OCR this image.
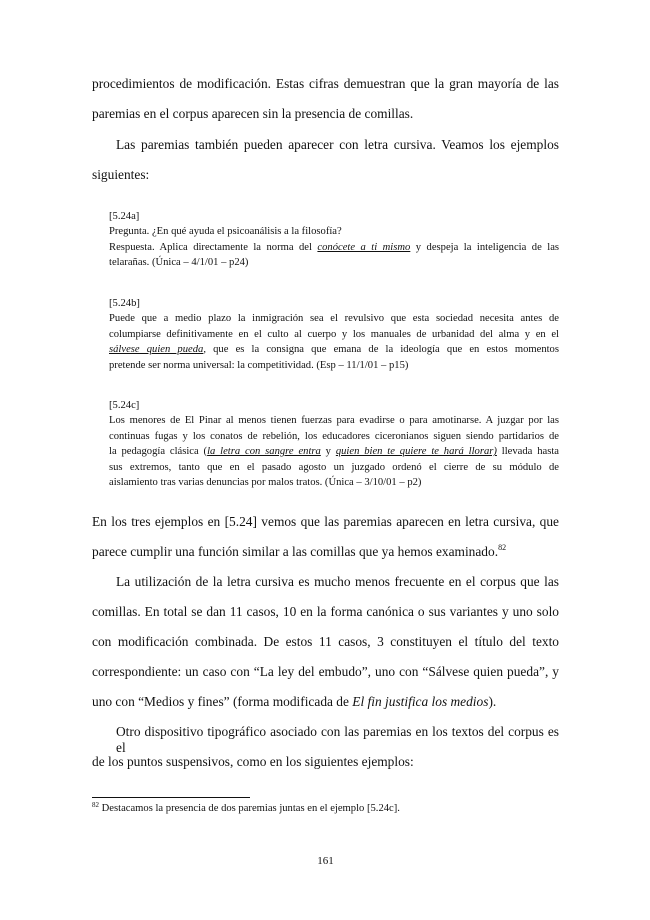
procedimientos de modificación. Estas cifras demuestran que la gran mayoría de las
paremias en el corpus aparecen sin la presencia de comillas.
Las paremias también pueden aparecer con letra cursiva. Veamos los ejemplos
siguientes:
[5.24a]
Pregunta. ¿En qué ayuda el psicoanálisis a la filosofía?
Respuesta. Aplica directamente la norma del conócete a ti mismo y despeja la inteligencia de las
telarañas. (Única – 4/1/01 – p24)
[5.24b]
Puede que a medio plazo la inmigración sea el revulsivo que esta sociedad necesita antes de
columpiarse definitivamente en el culto al cuerpo y los manuales de urbanidad del alma y en el
sálvese quien pueda, que es la consigna que emana de la ideología que en estos momentos
pretende ser norma universal: la competitividad. (Esp – 11/1/01 – p15)
[5.24c]
Los menores de El Pinar al menos tienen fuerzas para evadirse o para amotinarse. A juzgar por las
continuas fugas y los conatos de rebelión, los educadores ciceronianos siguen siendo partidarios de
la pedagogía clásica (la letra con sangre entra y quien bien te quiere te hará llorar) llevada hasta
sus extremos, tanto que en el pasado agosto un juzgado ordenó el cierre de su módulo de
aislamiento tras varias denuncias por malos tratos. (Única – 3/10/01 – p2)
En los tres ejemplos en [5.24] vemos que las paremias aparecen en letra cursiva, que
parece cumplir una función similar a las comillas que ya hemos examinado.$^{82}$
La utilización de la letra cursiva es mucho menos frecuente en el corpus que las
comillas. En total se dan 11 casos, 10 en la forma canónica o sus variantes y uno solo
con modificación combinada. De estos 11 casos, 3 constituyen el título del texto
correspondiente: un caso con “La ley del embudo”, uno con “Sálvese quien pueda”, y
uno con “Medios y fines” (forma modificada de El fin justifica los medios).
Otro dispositivo tipográfico asociado con las paremias en los textos del corpus es el
de los puntos suspensivos, como en los siguientes ejemplos:
$^{82}$ Destacamos la presencia de dos paremias juntas en el ejemplo [5.24c].
161
